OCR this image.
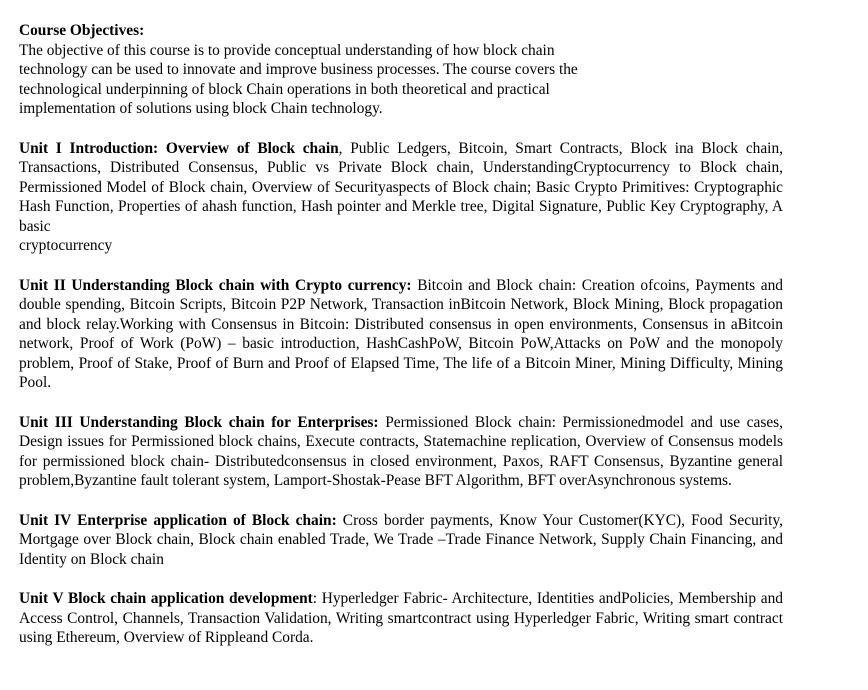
Course Objectives:
The objective of this course is to provide conceptual understanding of how block chain
technology can be used to innovate and improve business processes. The course covers the
technological underpinning of block Chain operations in both theoretical and practical
implementation of solutions using block Chain technology.

Unit I Introduction: Overview of Block chain, Public Ledgers, Bitcoin, Smart Contracts, Block ina Block chain, Transactions, Distributed Consensus, Public vs Private Block chain, UnderstandingCryptocurrency to Block chain, Permissioned Model of Block chain, Overview of Securityaspects of Block chain; Basic Crypto Primitives: Cryptographic Hash Function, Properties of ahash function, Hash pointer and Merkle tree, Digital Signature, Public Key Cryptography, A basic
cryptocurrency

Unit II Understanding Block chain with Crypto currency: Bitcoin and Block chain: Creation ofcoins, Payments and double spending, Bitcoin Scripts, Bitcoin P2P Network, Transaction inBitcoin Network, Block Mining, Block propagation and block relay.Working with Consensus in Bitcoin: Distributed consensus in open environments, Consensus in aBitcoin network, Proof of Work (PoW) – basic introduction, HashCashPoW, Bitcoin PoW,Attacks on PoW and the monopoly problem, Proof of Stake, Proof of Burn and Proof of Elapsed Time, The life of a Bitcoin Miner, Mining Difficulty, Mining Pool.

Unit III Understanding Block chain for Enterprises: Permissioned Block chain: Permissionedmodel and use cases, Design issues for Permissioned block chains, Execute contracts, Statemachine replication, Overview of Consensus models for permissioned block chain- Distributedconsensus in closed environment, Paxos, RAFT Consensus, Byzantine general problem,Byzantine fault tolerant system, Lamport-Shostak-Pease BFT Algorithm, BFT overAsynchronous systems.

Unit IV Enterprise application of Block chain: Cross border payments, Know Your Customer(KYC), Food Security, Mortgage over Block chain, Block chain enabled Trade, We Trade –Trade Finance Network, Supply Chain Financing, and Identity on Block chain

Unit V Block chain application development: Hyperledger Fabric- Architecture, Identities andPolicies, Membership and Access Control, Channels, Transaction Validation, Writing smartcontract using Hyperledger Fabric, Writing smart contract using Ethereum, Overview of Rippleand Corda.
